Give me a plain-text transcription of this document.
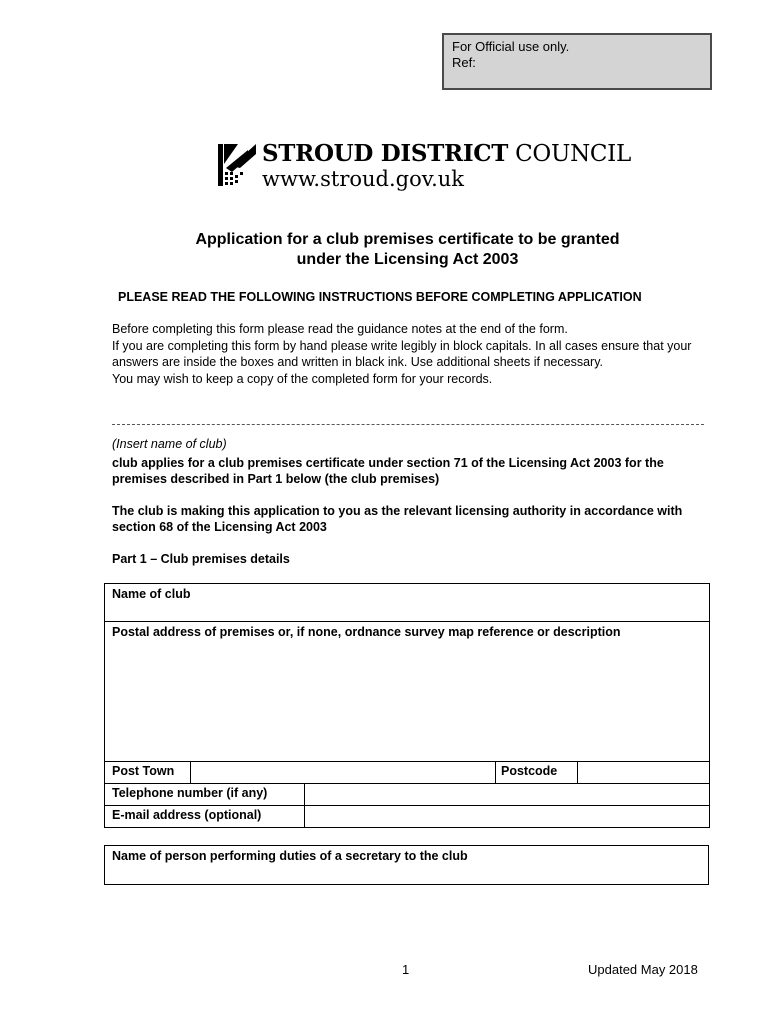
For Official use only.
Ref:
STROUD DISTRICT COUNCIL
www.stroud.gov.uk
Application for a club premises certificate to be granted
under the Licensing Act 2003
PLEASE READ THE FOLLOWING INSTRUCTIONS BEFORE COMPLETING APPLICATION
Before completing this form please read the guidance notes at the end of the form.
If you are completing this form by hand please write legibly in block capitals. In all cases ensure that your answers are inside the boxes and written in black ink. Use additional sheets if necessary.
You may wish to keep a copy of the completed form for your records.
(Insert name of club)
club applies for a club premises certificate under section 71 of the Licensing Act 2003 for the premises described in Part 1 below (the club premises)
The club is making this application to you as the relevant licensing authority in accordance with section 68 of the Licensing Act 2003
Part 1 – Club premises details
Name of club				
Postal address of premises or, if none, ordnance survey map reference or description				
Post Town			Postcode	
Telephone number (if any)				
E-mail address (optional)				
Name of person performing duties of a secretary to the club
1	Updated May 2018
